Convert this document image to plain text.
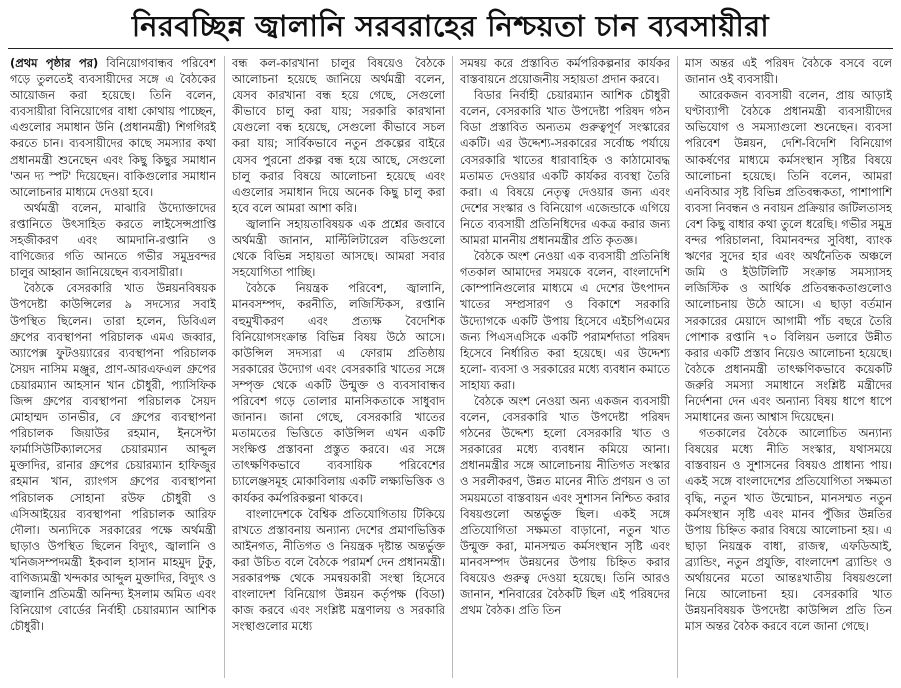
নিরবচ্ছিন্ন জ্বালানি সরবরাহের নিশ্চয়তা চান ব্যবসায়ীরা

(প্রথম পৃষ্ঠার পর) বিনিয়োগবান্ধব পরিবেশ গড়ে তুলতেই ব্যবসায়ীদের সঙ্গে এ বৈঠকের আয়োজন করা হয়েছে। তিনি বলেন, ব্যবসায়ীরা বিনিয়োগের বাধা কোথায় পাচ্ছেন, এগুলোর সমাধান উনি (প্রধানমন্ত্রী) শিগগিরই করতে চান। ব্যবসায়ীদের কাছে সমস্যার কথা প্রধানমন্ত্রী শুনেছেন এবং কিছু কিছুর সমাধান 'অন দ্য স্পট' দিয়েছেন। বাকিগুলোর সমাধান আলোচনার মাধ্যমে দেওয়া হবে।

অর্থমন্ত্রী বলেন, মাঝারি উদ্যোক্তাদের রপ্তানিতে উৎসাহিত করতে লাইসেন্সপ্রাপ্তি সহজীকরণ এবং আমদানি-রপ্তানি ও বাণিজ্যের গতি আনতে গভীর সমুদ্রবন্দর চালুর আহ্বান জানিয়েছেন ব্যবসায়ীরা।

বৈঠকে বেসরকারি খাত উন্নয়নবিষয়ক উপদেষ্টা কাউন্সিলের ৯ সদস্যের সবাই উপস্থিত ছিলেন। তারা হলেন, ডিবিএল গ্রুপের ব্যবস্থাপনা পরিচালক এমএ জব্বার, অ্যাপেক্স ফুটওয়্যারের ব্যবস্থাপনা পরিচালক সৈয়দ নাসিম মঞ্জুর, প্রাণ-আরএফএল গ্রুপের চেয়ারম্যান আহসান খান চৌধুরী, প্যাসিফিক জিন্স গ্রুপের ব্যবস্থাপনা পরিচালক সৈয়দ মোহাম্মদ তানভীর, বে গ্রুপের ব্যবস্থাপনা পরিচালক জিয়াউর রহমান, ইনসেপ্টা ফার্মাসিউটিক্যালসের চেয়ারম্যান আব্দুল মুক্তাদির, রানার গ্রুপের চেয়ারম্যান হাফিজুর রহমান খান, র‍্যাংগস গ্রুপের ব্যবস্থাপনা পরিচালক সোহানা রউফ চৌধুরী ও এসিআইয়ের ব্যবস্থাপনা পরিচালক আরিফ দৌলা। অন্যদিকে সরকারের পক্ষে অর্থমন্ত্রী ছাড়াও উপস্থিত ছিলেন বিদ্যুৎ, জ্বালানি ও খনিজসম্পদমন্ত্রী ইকবাল হাসান মাহমুদ টুকু, বাণিজ্যমন্ত্রী খন্দকার আব্দুল মুক্তাদির, বিদ্যুৎ ও জ্বালানি প্রতিমন্ত্রী অনিন্দ্য ইসলাম অমিত এবং বিনিয়োগ বোর্ডের নির্বাহী চেয়ারম্যান আশিক চৌধুরী।

বন্ধ কল-কারখানা চালুর বিষয়েও বৈঠকে আলোচনা হয়েছে জানিয়ে অর্থমন্ত্রী বলেন, যেসব কারখানা বন্ধ হয়ে গেছে, সেগুলো কীভাবে চালু করা যায়; সরকারি কারখানা যেগুলো বন্ধ হয়েছে, সেগুলো কীভাবে সচল করা যায়; সার্বিকভাবে নতুন প্রকল্পের বাইরে যেসব পুরনো প্রকল্প বন্ধ হয়ে আছে, সেগুলো চালু করার বিষয়ে আলোচনা হয়েছে এবং এগুলোর সমাধান দিয়ে অনেক কিছু চালু করা হবে বলে আমরা আশা করি।

জ্বালানি সহায়তাবিষয়ক এক প্রশ্নের জবাবে অর্থমন্ত্রী জানান, মাল্টিলিটারেল বডিগুলো থেকে বিভিন্ন সহায়তা আসছে। আমরা সবার সহযোগিতা পাচ্ছি।

বৈঠকে নিয়ন্ত্রক পরিবেশ, জ্বালানি, মানবসম্পদ, করনীতি, লজিস্টিকস, রপ্তানি বহুমুখীকরণ এবং প্রত্যক্ষ বৈদেশিক বিনিয়োগসংক্রান্ত বিভিন্ন বিষয় উঠে আসে। কাউন্সিল সদস্যরা এ ফোরাম প্রতিষ্ঠায় সরকারের উদ্যোগ এবং বেসরকারি খাতের সঙ্গে সম্পৃক্ত থেকে একটি উন্মুক্ত ও ব্যবসাবান্ধব পরিবেশ গড়ে তোলার মানসিকতাকে সাধুবাদ জানান। জানা গেছে, বেসরকারি খাতের মতামতের ভিত্তিতে কাউন্সিল এখন একটি সংক্ষিপ্ত প্রস্তাবনা প্রস্তুত করবে। এর সঙ্গে তাৎক্ষণিকভাবে ব্যবসায়িক পরিবেশের চ্যালেঞ্জসমূহ মোকাবিলায় একটি লক্ষ্যভিত্তিক ও কার্যকর কর্মপরিকল্পনা থাকবে।

বাংলাদেশকে বৈশ্বিক প্রতিযোগিতায় টিকিয়ে রাখতে প্রস্তাবনায় অন্যান্য দেশের প্রমাণভিত্তিক আইনগত, নীতিগত ও নিয়ন্ত্রক দৃষ্টান্ত অন্তর্ভুক্ত করা উচিত বলে বৈঠকে পরামর্শ দেন প্রধানমন্ত্রী। সরকারপক্ষ থেকে সমন্বয়কারী সংস্থা হিসেবে বাংলাদেশ বিনিয়োগ উন্নয়ন কর্তৃপক্ষ (বিডা) কাজ করবে এবং সংশ্লিষ্ট মন্ত্রণালয় ও সরকারি সংস্থাগুলোর মধ্যে

সমন্বয় করে প্রস্তাবিত কর্মপরিকল্পনার কার্যকর বাস্তবায়নে প্রয়োজনীয় সহায়তা প্রদান করবে।

বিডার নির্বাহী চেয়ারম্যান আশিক চৌধুরী বলেন, বেসরকারি খাত উপদেষ্টা পরিষদ গঠন বিডা প্রস্তাবিত অন্যতম গুরুত্বপূর্ণ সংস্কারের একটি। এর উদ্দেশ্য-সরকারের সর্বোচ্চ পর্যায়ে বেসরকারি খাতের ধারাবাহিক ও কাঠামোবদ্ধ মতামত দেওয়ার একটি কার্যকর ব্যবস্থা তৈরি করা। এ বিষয়ে নেতৃত্ব দেওয়ার জন্য এবং দেশের সংস্কার ও বিনিয়োগ এজেন্ডাকে এগিয়ে নিতে ব্যবসায়ী প্রতিনিধিদের একত্র করার জন্য আমরা মাননীয় প্রধানমন্ত্রীর প্রতি কৃতজ্ঞ।

বৈঠকে অংশ নেওয়া এক ব্যবসায়ী প্রতিনিধি গতকাল আমাদের সময়কে বলেন, বাংলাদেশি কোম্পানিগুলোর মাধ্যমে এ দেশের উৎপাদন খাতের সম্প্রসারণ ও বিকাশে সরকারি উদ্যোগকে একটি উপায় হিসেবে এইচপিএমের জন্য পিএসএসিকে একটি পরামর্শদাতা পরিষদ হিসেবে নির্ধারিত করা হয়েছে। এর উদ্দেশ্য হলো- ব্যবসা ও সরকারের মধ্যে ব্যবধান কমাতে সাহায্য করা।

বৈঠকে অংশ নেওয়া অন্য একজন ব্যবসায়ী বলেন, বেসরকারি খাত উপদেষ্টা পরিষদ গঠনের উদ্দেশ্য হলো বেসরকারি খাত ও সরকারের মধ্যে ব্যবধান কমিয়ে আনা। প্রধানমন্ত্রীর সঙ্গে আলোচনায় নীতিগত সংস্কার ও সরলীকরণ, উন্নত মানের নীতি প্রণয়ন ও তা সময়মতো বাস্তবায়ন এবং সুশাসন নিশ্চিত করার বিষয়গুলো অন্তর্ভুক্ত ছিল। একই সঙ্গে প্রতিযোগিতা সক্ষমতা বাড়ানো, নতুন খাত উন্মুক্ত করা, মানসম্মত কর্মসংস্থান সৃষ্টি এবং মানবসম্পদ উন্নয়নের উপায় চিহ্নিত করার বিষয়েও গুরুত্ব দেওয়া হয়েছে। তিনি আরও জানান, শনিবারের বৈঠকটি ছিল এই পরিষদের প্রথম বৈঠক। প্রতি তিন

মাস অন্তর এই পরিষদ বৈঠকে বসবে বলে জানান ওই ব্যবসায়ী।

আরেকজন ব্যবসায়ী বলেন, প্রায় আড়াই ঘণ্টাব্যাপী বৈঠকে প্রধানমন্ত্রী ব্যবসায়ীদের অভিযোগ ও সমস্যাগুলো শুনেছেন। ব্যবসা পরিবেশ উন্নয়ন, দেশি-বিদেশি বিনিয়োগ আকর্ষণের মাধ্যমে কর্মসংস্থান সৃষ্টির বিষয়ে আলোচনা হয়েছে। তিনি বলেন, আমরা এনবিআর সৃষ্ট বিভিন্ন প্রতিবন্ধকতা, পাশাপাশি ব্যবসা নিবন্ধন ও নবায়ন প্রক্রিয়ার জটিলতাসহ বেশ কিছু বাধার কথা তুলে ধরেছি। গভীর সমুদ্র বন্দর পরিচালনা, বিমানবন্দর সুবিধা, ব্যাংক ঋণের সুদের হার এবং অর্থনৈতিক অঞ্চলে জমি ও ইউটিলিটি সংক্রান্ত সমস্যাসহ লজিস্টিক ও আর্থিক প্রতিবন্ধকতাগুলোও আলোচনায় উঠে আসে। এ ছাড়া বর্তমান সরকারের মেয়াদে আগামী পাঁচ বছরে তৈরি পোশাক রপ্তানি ৭০ বিলিয়ন ডলারে উন্নীত করার একটি প্রস্তাব নিয়েও আলোচনা হয়েছে। বৈঠকে প্রধানমন্ত্রী তাৎক্ষণিকভাবে কয়েকটি জরুরি সমস্যা সমাধানে সংশ্লিষ্ট মন্ত্রীদের নির্দেশনা দেন এবং অন্যান্য বিষয় ধাপে ধাপে সমাধানের জন্য আশ্বাস দিয়েছেন।

গতকালের বৈঠকে আলোচিত অন্যান্য বিষয়ের মধ্যে নীতি সংস্কার, যথাসময়ে বাস্তবায়ন ও সুশাসনের বিষয়ও প্রাধান্য পায়। একই সঙ্গে বাংলাদেশের প্রতিযোগিতা সক্ষমতা বৃদ্ধি, নতুন খাত উন্মোচন, মানসম্মত নতুন কর্মসংস্থান সৃষ্টি এবং মানব পুঁজির উন্নতির উপায় চিহ্নিত করার বিষয়ে আলোচনা হয়। এ ছাড়া নিয়ন্ত্রক বাধা, রাজস্ব, এফডিআই, ব্র্যান্ডিং, নতুন প্রযুক্তি, বাংলাদেশ ব্র্যান্ডিং ও অর্থায়নের মতো আন্তঃখাতীয় বিষয়গুলো নিয়ে আলোচনা হয়। বেসরকারি খাত উন্নয়নবিষয়ক উপদেষ্টা কাউন্সিল প্রতি তিন মাস অন্তর বৈঠক করবে বলে জানা গেছে।
